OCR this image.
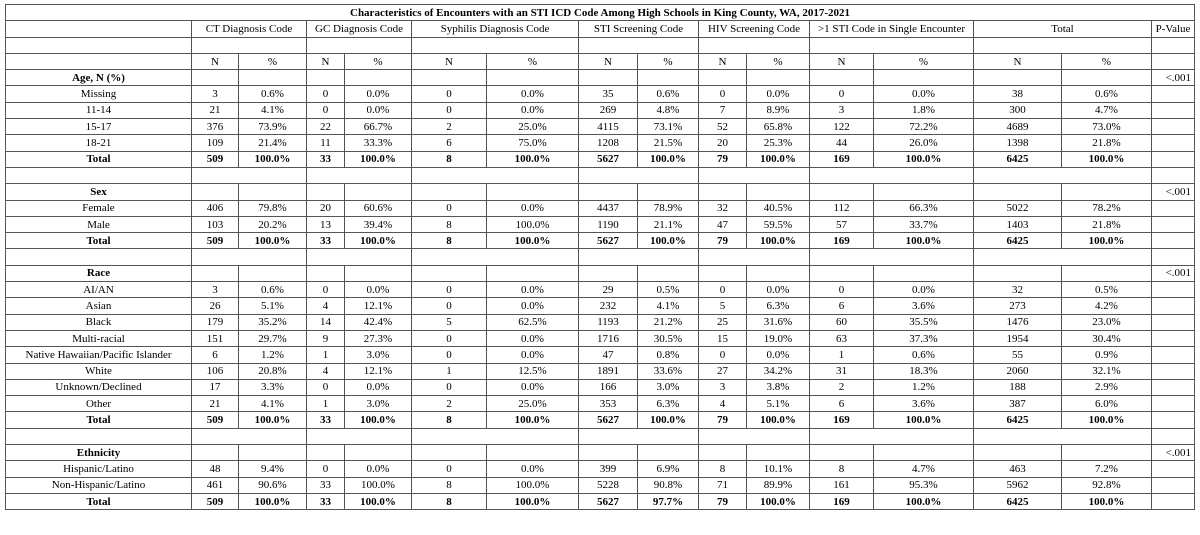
Characteristics of Encounters with an STI ICD Code Among High Schools in King County, WA, 2017-2021															
	CT Diagnosis Code		GC Diagnosis Code		Syphilis Diagnosis Code		STI Screening Code		HIV Screening Code		>1 STI Code in Single Encounter		Total		P-Value

	N	%	N	%	N	%	N	%	N	%	N	%	N	%	
Age, N (%)															<.001
Missing	3	0.6%	0	0.0%	0	0.0%	35	0.6%	0	0.0%	0	0.0%	38	0.6%	
11-14	21	4.1%	0	0.0%	0	0.0%	269	4.8%	7	8.9%	3	1.8%	300	4.7%	
15-17	376	73.9%	22	66.7%	2	25.0%	4115	73.1%	52	65.8%	122	72.2%	4689	73.0%	
18-21	109	21.4%	11	33.3%	6	75.0%	1208	21.5%	20	25.3%	44	26.0%	1398	21.8%	
Total	509	100.0%	33	100.0%	8	100.0%	5627	100.0%	79	100.0%	169	100.0%	6425	100.0%	

Sex															<.001
Female	406	79.8%	20	60.6%	0	0.0%	4437	78.9%	32	40.5%	112	66.3%	5022	78.2%	
Male	103	20.2%	13	39.4%	8	100.0%	1190	21.1%	47	59.5%	57	33.7%	1403	21.8%	
Total	509	100.0%	33	100.0%	8	100.0%	5627	100.0%	79	100.0%	169	100.0%	6425	100.0%	

Race															<.001
AI/AN	3	0.6%	0	0.0%	0	0.0%	29	0.5%	0	0.0%	0	0.0%	32	0.5%	
Asian	26	5.1%	4	12.1%	0	0.0%	232	4.1%	5	6.3%	6	3.6%	273	4.2%	
Black	179	35.2%	14	42.4%	5	62.5%	1193	21.2%	25	31.6%	60	35.5%	1476	23.0%	
Multi-racial	151	29.7%	9	27.3%	0	0.0%	1716	30.5%	15	19.0%	63	37.3%	1954	30.4%	
Native Hawaiian/Pacific Islander	6	1.2%	1	3.0%	0	0.0%	47	0.8%	0	0.0%	1	0.6%	55	0.9%	
White	106	20.8%	4	12.1%	1	12.5%	1891	33.6%	27	34.2%	31	18.3%	2060	32.1%	
Unknown/Declined	17	3.3%	0	0.0%	0	0.0%	166	3.0%	3	3.8%	2	1.2%	188	2.9%	
Other	21	4.1%	1	3.0%	2	25.0%	353	6.3%	4	5.1%	6	3.6%	387	6.0%	
Total	509	100.0%	33	100.0%	8	100.0%	5627	100.0%	79	100.0%	169	100.0%	6425	100.0%	

Ethnicity															<.001
Hispanic/Latino	48	9.4%	0	0.0%	0	0.0%	399	6.9%	8	10.1%	8	4.7%	463	7.2%	
Non-Hispanic/Latino	461	90.6%	33	100.0%	8	100.0%	5228	90.8%	71	89.9%	161	95.3%	5962	92.8%	
Total	509	100.0%	33	100.0%	8	100.0%	5627	97.7%	79	100.0%	169	100.0%	6425	100.0%	
